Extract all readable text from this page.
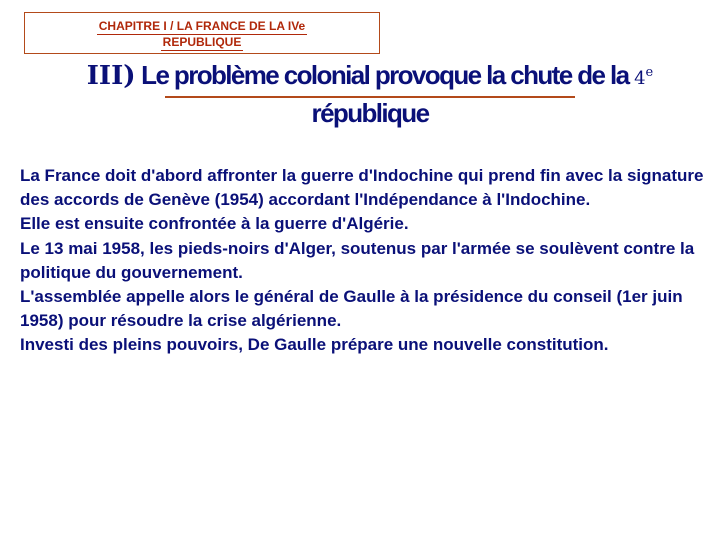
CHAPITRE I / LA FRANCE DE LA IVe
REPUBLIQUE
III) Le problème colonial provoque la chute de la 4e
république

La France doit d'abord affronter la guerre d'Indochine qui prend fin avec la signature des accords de Genève (1954) accordant l'Indépendance à l'Indochine.

Elle est ensuite confrontée à la guerre d'Algérie.

Le 13 mai 1958, les pieds-noirs d'Alger, soutenus par l'armée se soulèvent contre la politique du gouvernement.

L'assemblée appelle alors le général de Gaulle à la présidence du conseil (1er juin 1958) pour résoudre la crise algérienne.

Investi des pleins pouvoirs, De Gaulle prépare une nouvelle constitution.
